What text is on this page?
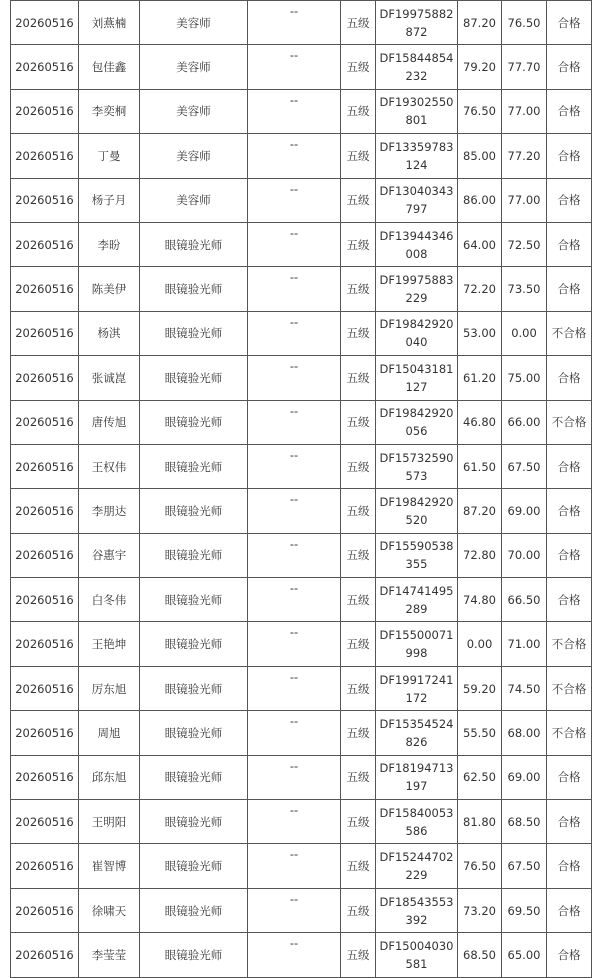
20260516	刘燕楠	美容师	--	五级	DF19975882872	87.20	76.50	合格
20260516	包佳鑫	美容师	--	五级	DF15844854232	79.20	77.70	合格
20260516	李奕桐	美容师	--	五级	DF19302550801	76.50	77.00	合格
20260516	丁曼	美容师	--	五级	DF13359783124	85.00	77.20	合格
20260516	杨子月	美容师	--	五级	DF13040343797	86.00	77.00	合格
20260516	李昐	眼镜验光师	--	五级	DF13944346008	64.00	72.50	合格
20260516	陈美伊	眼镜验光师	--	五级	DF19975883229	72.20	73.50	合格
20260516	杨淇	眼镜验光师	--	五级	DF19842920040	53.00	0.00	不合格
20260516	张诚崑	眼镜验光师	--	五级	DF15043181127	61.20	75.00	合格
20260516	唐传旭	眼镜验光师	--	五级	DF19842920056	46.80	66.00	不合格
20260516	王权伟	眼镜验光师	--	五级	DF15732590573	61.50	67.50	合格
20260516	李朋达	眼镜验光师	--	五级	DF19842920520	87.20	69.00	合格
20260516	谷惠宇	眼镜验光师	--	五级	DF15590538355	72.80	70.00	合格
20260516	白冬伟	眼镜验光师	--	五级	DF14741495289	74.80	66.50	合格
20260516	王艳坤	眼镜验光师	--	五级	DF15500071998	0.00	71.00	不合格
20260516	厉东旭	眼镜验光师	--	五级	DF19917241172	59.20	74.50	不合格
20260516	周旭	眼镜验光师	--	五级	DF15354524826	55.50	68.00	不合格
20260516	邱东旭	眼镜验光师	--	五级	DF18194713197	62.50	69.00	合格
20260516	王明阳	眼镜验光师	--	五级	DF15840053586	81.80	68.50	合格
20260516	崔智博	眼镜验光师	--	五级	DF15244702229	76.50	67.50	合格
20260516	徐啸天	眼镜验光师	--	五级	DF18543553392	73.20	69.50	合格
20260516	李莹莹	眼镜验光师	--	五级	DF15004030581	68.50	65.00	合格
